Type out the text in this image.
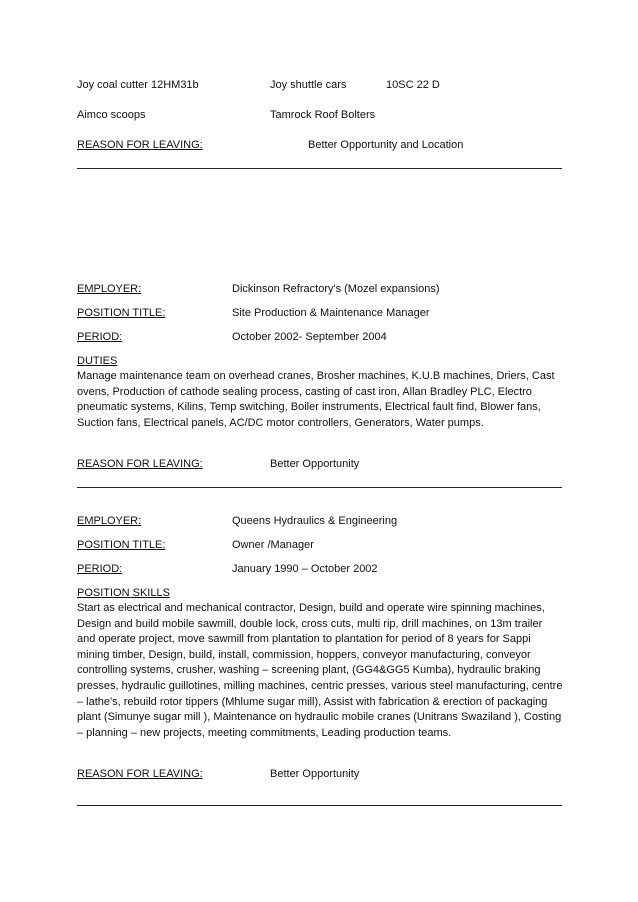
Joy coal cutter 12HM31b	Joy shuttle cars	10SC 22 D
Aimco scoops	Tamrock Roof Bolters
REASON FOR LEAVING:	Better Opportunity and Location
EMPLOYER:	Dickinson Refractory's (Mozel expansions)
POSITION TITLE:	Site Production & Maintenance Manager
PERIOD:	October 2002- September 2004
DUTIES
Manage maintenance team on overhead cranes, Brosher machines, K.U.B machines, Driers, Cast ovens, Production of cathode sealing process, casting of cast iron, Allan Bradley PLC, Electro pneumatic systems, Kilins, Temp switching, Boiler instruments, Electrical fault find, Blower fans, Suction fans, Electrical panels, AC/DC motor controllers, Generators, Water pumps.
REASON FOR LEAVING:	Better Opportunity
EMPLOYER:	Queens Hydraulics & Engineering
POSITION TITLE:	Owner /Manager
PERIOD:	January 1990 – October 2002
POSITION SKILLS
Start as electrical and mechanical contractor, Design, build and operate wire spinning machines, Design and build mobile sawmill, double lock, cross cuts, multi rip, drill machines, on 13m trailer and operate project, move sawmill from plantation to plantation for period of 8 years for Sappi mining timber, Design, build, install, commission, hoppers, conveyor manufacturing, conveyor controlling systems, crusher, washing – screening plant, (GG4&GG5 Kumba), hydraulic braking presses, hydraulic guillotines, milling machines, centric presses, various steel manufacturing, centre – lathe's, rebuild rotor tippers (Mhlume sugar mill), Assist with fabrication & erection of packaging plant (Simunye sugar mill ), Maintenance on hydraulic mobile cranes (Unitrans Swaziland ), Costing – planning – new projects, meeting commitments, Leading production teams.
REASON FOR LEAVING:	Better Opportunity
